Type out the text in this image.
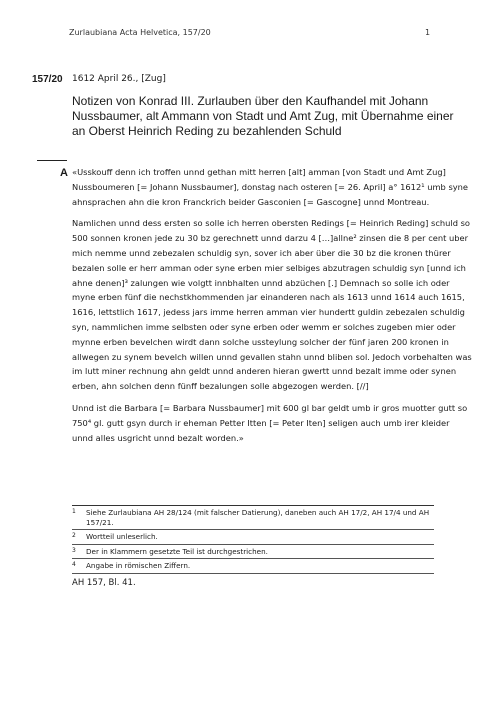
Zurlaubiana Acta Helvetica, 157/20	1
157/20 1612 April 26., [Zug]
Notizen von Konrad III. Zurlauben über den Kaufhandel mit Johann Nussbaumer, alt Ammann von Stadt und Amt Zug, mit Übernahme einer an Oberst Heinrich Reding zu bezahlenden Schuld
A «Usskouff denn ich troffen unnd gethan mitt herren [alt] amman [von Stadt und Amt Zug] Nussboumeren [= Johann Nussbaumer], donstag nach osteren [= 26. April] a° 1612¹ umb syne ahnsprachen ahn die kron Franckrich beider Gasconien [= Gascogne] unnd Montreau.

Namlichen unnd dess ersten so solle ich herren obersten Redings [= Heinrich Reding] schuld so 500 sonnen kronen jede zu 30 bz gerechnett unnd darzu 4 […]allne² zinsen die 8 per cent uber mich nemme unnd zebezalen schuldig syn, sover ich aber über die 30 bz die kronen thürer bezalen solle er herr amman oder syne erben mier selbiges abzutragen schuldig syn [unnd ich ahne denen]³ zalungen wie volgtt innbhalten unnd abzüchen [.] Demnach so solle ich oder myne erben fünf die nechstkhommenden jar einanderen nach als 1613 unnd 1614 auch 1615, 1616, lettstlich 1617, jedess jars imme herren amman vier hundertt guldin zebezalen schuldig syn, nammlichen imme selbsten oder syne erben oder wemm er solches zugeben mier oder mynne erben bevelchen wirdt dann solche ussteylung solcher der fünf jaren 200 kronen in allwegen zu synem bevelch willen unnd gevallen stahn unnd bliben sol. Jedoch vorbehalten was im lutt miner rechnung ahn geldt unnd anderen hieran gwertt unnd bezalt imme oder synen erben, ahn solchen denn fünff bezalungen solle abgezogen werden. [//]

Unnd ist die Barbara [= Barbara Nussbaumer] mit 600 gl bar geldt umb ir gros muotter gutt so 750⁴ gl. gutt gsyn durch ir eheman Petter Itten [= Peter Iten] seligen auch umb irer kleider unnd alles usgricht unnd bezalt worden.»

1	Siehe Zurlaubiana AH 28/124 (mit falscher Datierung), daneben auch AH 17/2, AH 17/4 und AH 157/21.
2	Wortteil unleserlich.
3	Der in Klammern gesetzte Teil ist durchgestrichen.
4	Angabe in römischen Ziffern.
AH 157, Bl. 41.
